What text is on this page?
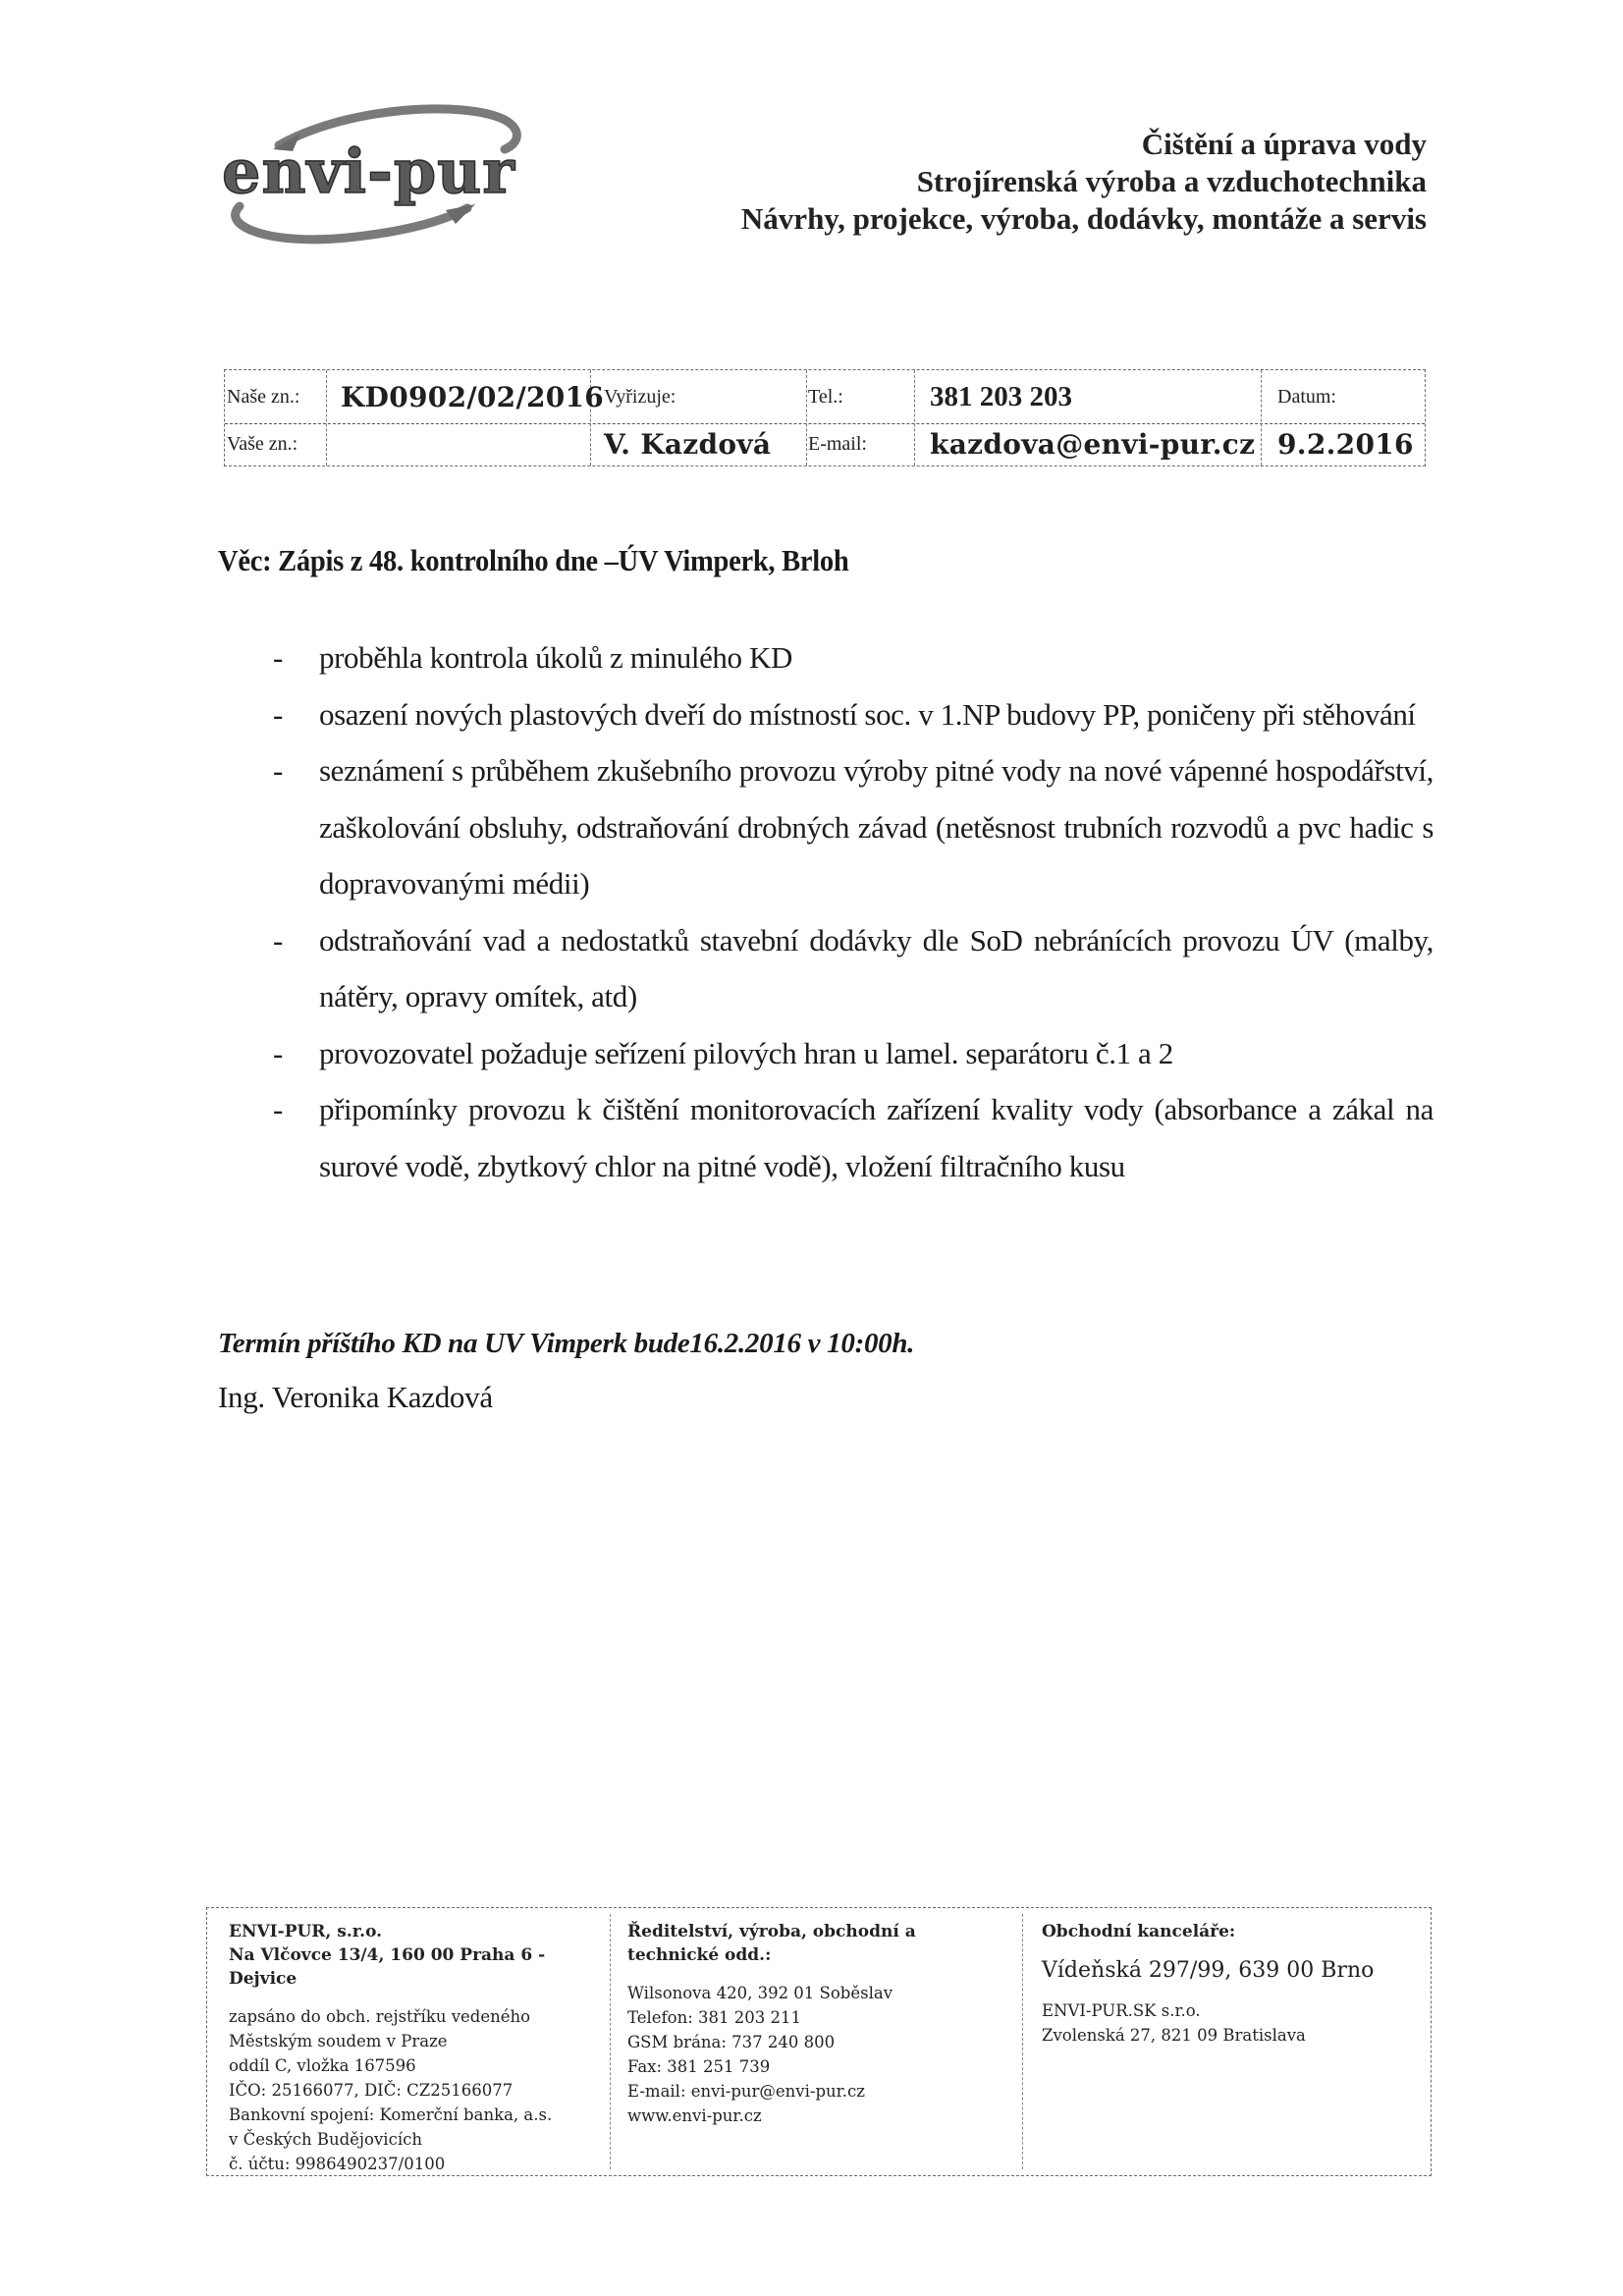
envi-pur	Čištění a úprava vody
Strojírenská výroba a vzduchotechnika
Návrhy, projekce, výroba, dodávky, montáže a servis
Naše zn.: KD0902/02/2016
Vaše zn.:
Vyřizuje:
V. Kazdová
Tel.:
E-mail:
381 203 203
kazdova@envi-pur.cz
Datum:
9.2.2016
Věc: Zápis z 48. kontrolního dne –ÚV Vimperk, Brloh
- proběhla kontrola úkolů z minulého KD
- osazení nových plastových dveří do místností soc. v 1.NP budovy PP, poničeny při stěhování
- seznámení s průběhem zkušebního provozu výroby pitné vody na nové vápenné hospodářství, zaškolování obsluhy, odstraňování drobných závad (netěsnost trubních rozvodů a pvc hadic s dopravovanými médii)
- odstraňování vad a nedostatků stavební dodávky dle SoD nebránících provozu ÚV (malby, nátěry, opravy omítek, atd)
- provozovatel požaduje seřízení pilových hran u lamel. separátoru č.1 a 2
- připomínky provozu k čištění monitorovacích zařízení kvality vody (absorbance a zákal na surové vodě, zbytkový chlor na pitné vodě), vložení filtračního kusu
Termín příštího KD na UV Vimperk bude16.2.2016 v 10:00h.
Ing. Veronika Kazdová
ENVI-PUR, s.r.o.
Na Vlčovce 13/4, 160 00 Praha 6 -
Dejvice
zapsáno do obch. rejstříku vedeného
Městským soudem v Praze
oddíl C, vložka 167596
IČO: 25166077, DIČ: CZ25166077
Bankovní spojení: Komerční banka, a.s.
v Českých Budějovicích
č. účtu: 9986490237/0100
Ředitelství, výroba, obchodní a
technické odd.:
Wilsonova 420, 392 01 Soběslav
Telefon: 381 203 211
GSM brána: 737 240 800
Fax: 381 251 739
E-mail: envi-pur@envi-pur.cz
www.envi-pur.cz
Obchodní kanceláře:
Vídeňská 297/99, 639 00 Brno
ENVI-PUR.SK s.r.o.
Zvolenská 27, 821 09 Bratislava
